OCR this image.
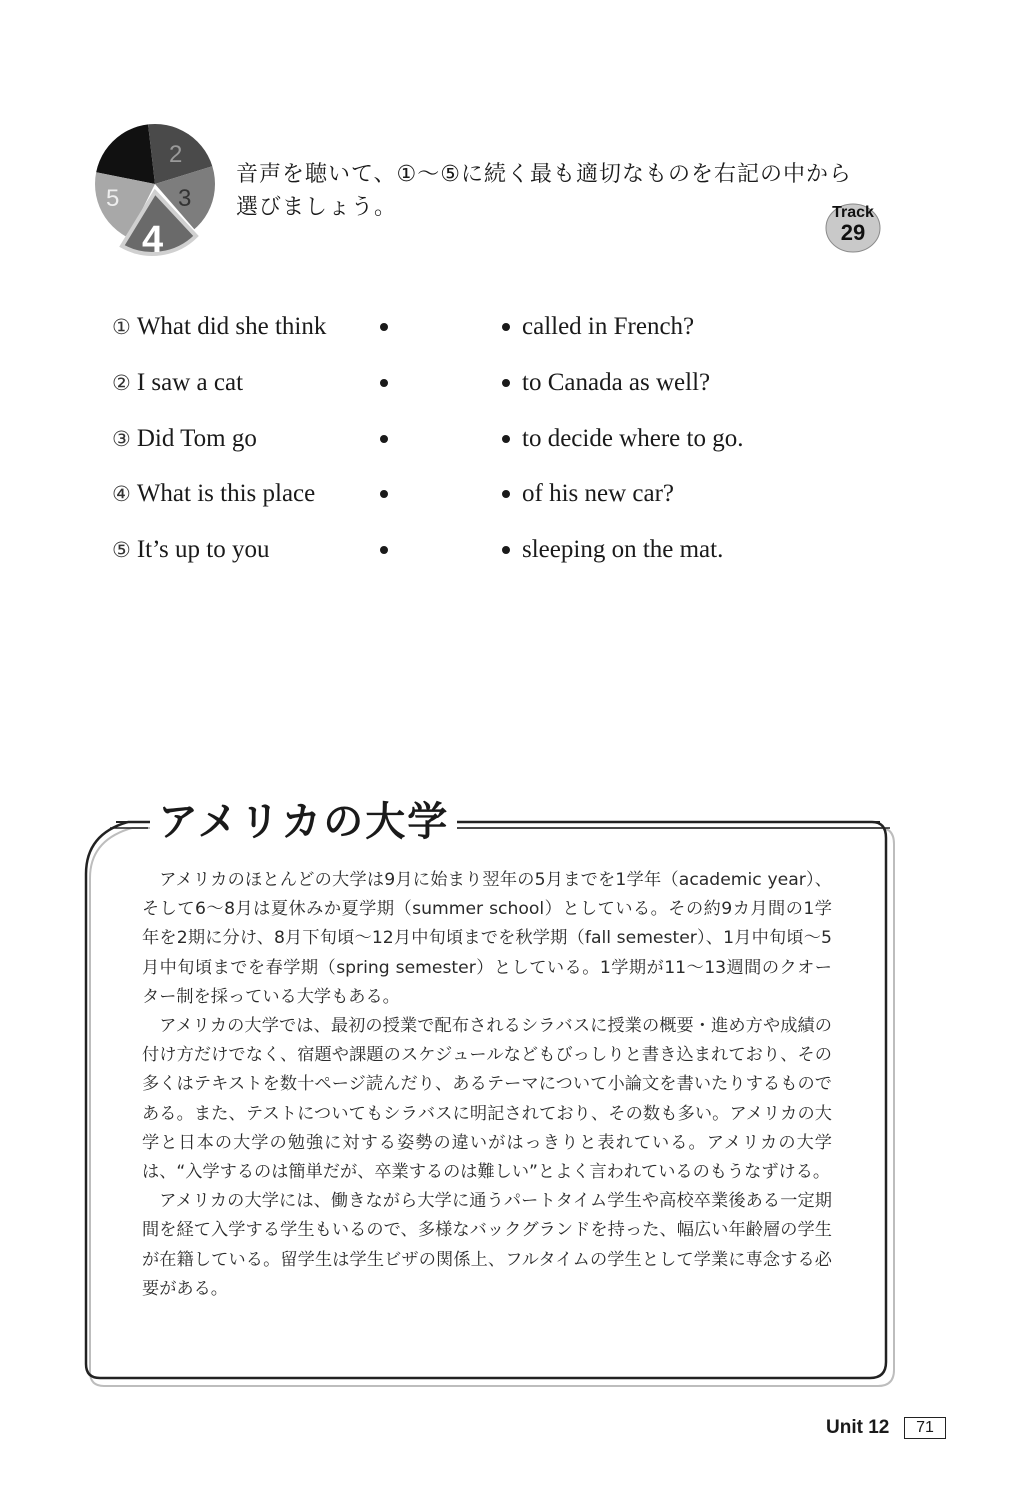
2
3
5
4
音声を聴いて、①～⑤に続く最も適切なものを右記の中から
選びましょう。	Track
29
① What did she think	called in French?
② I saw a cat	to Canada as well?
③ Did Tom go	to decide where to go.
④ What is this place	of his new car?
⑤ It’s up to you	sleeping on the mat.
アメリカの大学

アメリカのほとんどの大学は9月に始まり翌年の5月までを1学年（academic year）、そして6～8月は夏休みか夏学期（summer school）としている。その約9カ月間の1学年を2期に分け、8月下旬頃～12月中旬頃までを秋学期（fall semester）、1月中旬頃～5月中旬頃までを春学期（spring semester）としている。1学期が11～13週間のクオーター制を採っている大学もある。

アメリカの大学では、最初の授業で配布されるシラバスに授業の概要・進め方や成績の付け方だけでなく、宿題や課題のスケジュールなどもびっしりと書き込まれており、その多くはテキストを数十ページ読んだり、あるテーマについて小論文を書いたりするものである。また、テストについてもシラバスに明記されており、その数も多い。アメリカの大学と日本の大学の勉強に対する姿勢の違いがはっきりと表れている。アメリカの大学は、“入学するのは簡単だが、卒業するのは難しい”とよく言われているのもうなずける。

アメリカの大学には、働きながら大学に通うパートタイム学生や高校卒業後ある一定期間を経て入学する学生もいるので、多様なバックグランドを持った、幅広い年齢層の学生が在籍している。留学生は学生ビザの関係上、フルタイムの学生として学業に専念する必要がある。

Unit 12	71
